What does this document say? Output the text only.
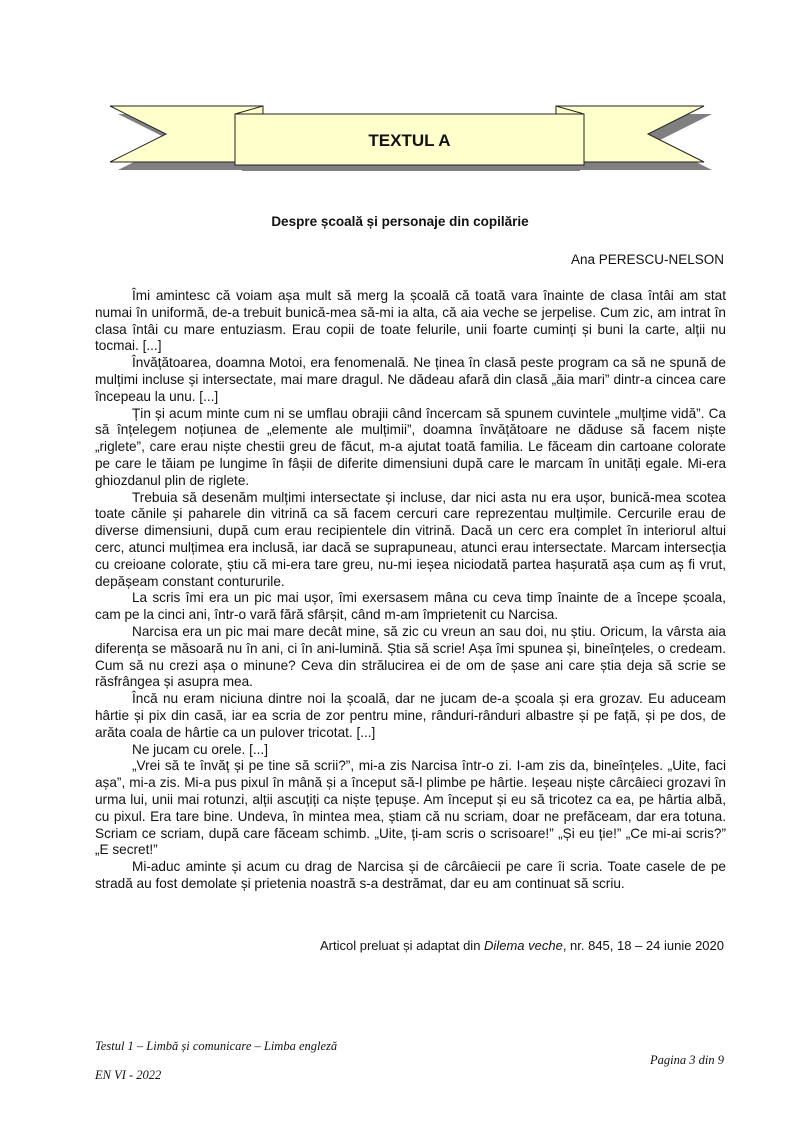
TEXTUL A
Despre școală și personaje din copilărie
Ana PERESCU-NELSON

Îmi amintesc că voiam așa mult să merg la școală că toată vara înainte de clasa întâi am stat numai în uniformă, de-a trebuit bunică-mea să-mi ia alta, că aia veche se jerpelise. Cum zic, am intrat în clasa întâi cu mare entuziasm. Erau copii de toate felurile, unii foarte cuminți și buni la carte, alții nu tocmai. [...]

Învățătoarea, doamna Motoi, era fenomenală. Ne ținea în clasă peste program ca să ne spună de mulțimi incluse și intersectate, mai mare dragul. Ne dădeau afară din clasă „ăia mari” dintr-a cincea care începeau la unu. [...]

Țin și acum minte cum ni se umflau obrajii când încercam să spunem cuvintele „mulțime vidă”. Ca să înțelegem noțiunea de „elemente ale mulțimii”, doamna învățătoare ne dăduse să facem niște „riglete”, care erau niște chestii greu de făcut, m-a ajutat toată familia. Le făceam din cartoane colorate pe care le tăiam pe lungime în fâșii de diferite dimensiuni după care le marcam în unități egale. Mi-era ghiozdanul plin de riglete.

Trebuia să desenăm mulțimi intersectate și incluse, dar nici asta nu era ușor, bunică-mea scotea toate cănile și paharele din vitrină ca să facem cercuri care reprezentau mulțimile. Cercurile erau de diverse dimensiuni, după cum erau recipientele din vitrină. Dacă un cerc era complet în interiorul altui cerc, atunci mulțimea era inclusă, iar dacă se suprapuneau, atunci erau intersectate. Marcam intersecția cu creioane colorate, știu că mi-era tare greu, nu-mi ieșea niciodată partea hașurată așa cum aș fi vrut, depășeam constant contururile.

La scris îmi era un pic mai ușor, îmi exersasem mâna cu ceva timp înainte de a începe școala, cam pe la cinci ani, într-o vară fără sfârșit, când m-am împrietenit cu Narcisa.

Narcisa era un pic mai mare decât mine, să zic cu vreun an sau doi, nu știu. Oricum, la vârsta aia diferența se măsoară nu în ani, ci în ani-lumină. Știa să scrie! Așa îmi spunea și, bineînțeles, o credeam. Cum să nu crezi așa o minune? Ceva din strălucirea ei de om de șase ani care știa deja să scrie se răsfrângea și asupra mea.

Încă nu eram niciuna dintre noi la școală, dar ne jucam de-a școala și era grozav. Eu aduceam hârtie și pix din casă, iar ea scria de zor pentru mine, rânduri-rânduri albastre și pe față, și pe dos, de arăta coala de hârtie ca un pulover tricotat. [...]

Ne jucam cu orele. [...]

„Vrei să te învăț și pe tine să scrii?”, mi-a zis Narcisa într-o zi. I-am zis da, bineînțeles. „Uite, faci așa”, mi-a zis. Mi-a pus pixul în mână și a început să-l plimbe pe hârtie. Ieșeau niște cârcâieci grozavi în urma lui, unii mai rotunzi, alții ascuțiți ca niște țepușe. Am început și eu să tricotez ca ea, pe hârtia albă, cu pixul. Era tare bine. Undeva, în mintea mea, știam că nu scriam, doar ne prefăceam, dar era totuna. Scriam ce scriam, după care făceam schimb. „Uite, ți-am scris o scrisoare!” „Și eu ție!” „Ce mi-ai scris?” „E secret!”

Mi-aduc aminte și acum cu drag de Narcisa și de cârcâiecii pe care îi scria. Toate casele de pe stradă au fost demolate și prietenia noastră s-a destrămat, dar eu am continuat să scriu.

Articol preluat și adaptat din Dilema veche, nr. 845, 18 – 24 iunie 2020
Testul 1 – Limbă și comunicare – Limba engleză
EN VI - 2022
Pagina 3 din 9
